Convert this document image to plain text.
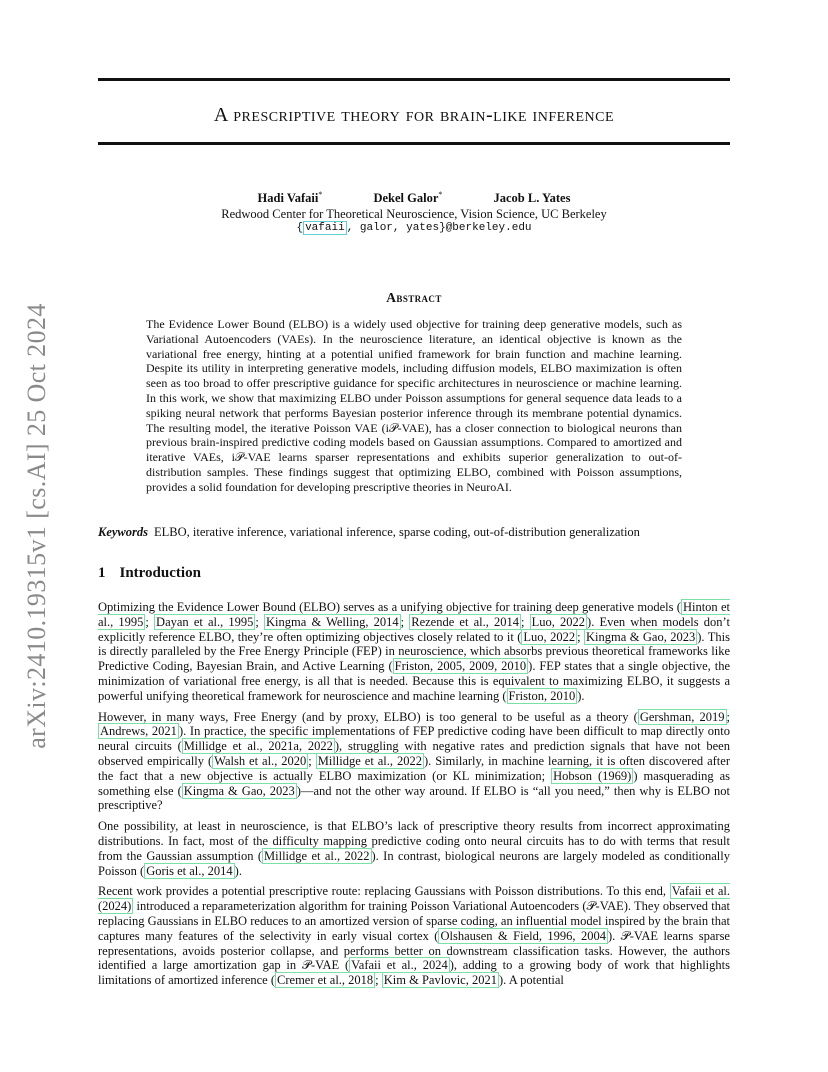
arXiv:2410.19315v1 [cs.AI] 25 Oct 2024
A prescriptive theory for brain-like inference
Hadi Vafaii*	Dekel Galor*	Jacob L. Yates
Redwood Center for Theoretical Neuroscience, Vision Science, UC Berkeley
{ vafaii , galor, yates}@berkeley.edu
Abstract
The Evidence Lower Bound (ELBO) is a widely used objective for training deep generative models, such as Variational Autoencoders (VAEs). In the neuroscience literature, an identical objective is known as the variational free energy, hinting at a potential unified framework for brain function and machine learning. Despite its utility in interpreting generative models, including diffusion models, ELBO maximization is often seen as too broad to offer prescriptive guidance for specific architectures in neuroscience or machine learning. In this work, we show that maximizing ELBO under Poisson assumptions for general sequence data leads to a spiking neural network that performs Bayesian posterior inference through its membrane potential dynamics. The resulting model, the iterative Poisson VAE (i𝒫-VAE), has a closer connection to biological neurons than previous brain-inspired predictive coding models based on Gaussian assumptions. Compared to amortized and iterative VAEs, i𝒫-VAE learns sparser representations and exhibits superior generalization to out-of-distribution samples. These findings suggest that optimizing ELBO, combined with Poisson assumptions, provides a solid foundation for developing prescriptive theories in NeuroAI.
Keywords ELBO, iterative inference, variational inference, sparse coding, out-of-distribution generalization
1 Introduction

Optimizing the Evidence Lower Bound (ELBO) serves as a unifying objective for training deep generative models ( Hinton et al., 1995 ; Dayan et al., 1995 ; Kingma & Welling, 2014 ; Rezende et al., 2014 ; Luo, 2022 ). Even when models don’t explicitly reference ELBO, they’re often optimizing objectives closely related to it ( Luo, 2022 ; Kingma & Gao, 2023 ). This is directly paralleled by the Free Energy Principle (FEP) in neuroscience, which absorbs previous theoretical frameworks like Predictive Coding, Bayesian Brain, and Active Learning ( Friston, 2005, 2009, 2010 ). FEP states that a single objective, the minimization of variational free energy, is all that is needed. Because this is equivalent to maximizing ELBO, it suggests a powerful unifying theoretical framework for neuroscience and machine learning ( Friston, 2010 ).

However, in many ways, Free Energy (and by proxy, ELBO) is too general to be useful as a theory ( Gershman, 2019 ; Andrews, 2021 ). In practice, the specific implementations of FEP predictive coding have been difficult to map directly onto neural circuits ( Millidge et al., 2021a, 2022 ), struggling with negative rates and prediction signals that have not been observed empirically ( Walsh et al., 2020 ; Millidge et al., 2022 ). Similarly, in machine learning, it is often discovered after the fact that a new objective is actually ELBO maximization (or KL minimization; Hobson (1969) ) masquerading as something else ( Kingma & Gao, 2023 )—and not the other way around. If ELBO is “all you need,” then why is ELBO not prescriptive?

One possibility, at least in neuroscience, is that ELBO’s lack of prescriptive theory results from incorrect approximating distributions. In fact, most of the difficulty mapping predictive coding onto neural circuits has to do with terms that result from the Gaussian assumption ( Millidge et al., 2022 ). In contrast, biological neurons are largely modeled as conditionally Poisson ( Goris et al., 2014 ).

Recent work provides a potential prescriptive route: replacing Gaussians with Poisson distributions. To this end, Vafaii et al. (2024) introduced a reparameterization algorithm for training Poisson Variational Autoencoders (𝒫-VAE). They observed that replacing Gaussians in ELBO reduces to an amortized version of sparse coding, an influential model inspired by the brain that captures many features of the selectivity in early visual cortex ( Olshausen & Field, 1996, 2004 ). 𝒫-VAE learns sparse representations, avoids posterior collapse, and performs better on downstream classification tasks. However, the authors identified a large amortization gap in 𝒫-VAE ( Vafaii et al., 2024 ), adding to a growing body of work that highlights limitations of amortized inference ( Cremer et al., 2018 ; Kim & Pavlovic, 2021 ). A potential
